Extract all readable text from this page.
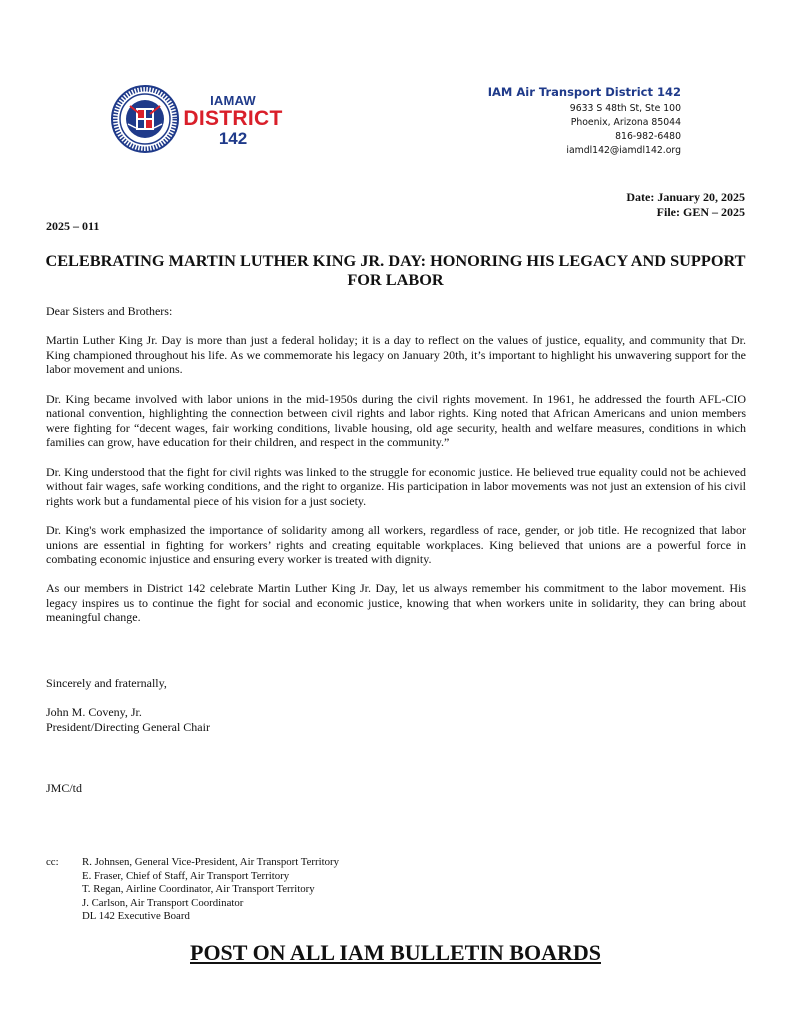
IAMAW
DISTRICT
142
IAM Air Transport District 142
9633 S 48th St, Ste 100
Phoenix, Arizona 85044
816-982-6480
iamdl142@iamdl142.org
Date: January 20, 2025
File: GEN – 2025
2025 – 011
CELEBRATING MARTIN LUTHER KING JR. DAY: HONORING HIS LEGACY AND SUPPORT FOR LABOR

Dear Sisters and Brothers:

Martin Luther King Jr. Day is more than just a federal holiday; it is a day to reflect on the values of justice, equality, and community that Dr. King championed throughout his life. As we commemorate his legacy on January 20th, it’s important to highlight his unwavering support for the labor movement and unions.

Dr. King became involved with labor unions in the mid-1950s during the civil rights movement. In 1961, he addressed the fourth AFL-CIO national convention, highlighting the connection between civil rights and labor rights. King noted that African Americans and union members were fighting for “decent wages, fair working conditions, livable housing, old age security, health and welfare measures, conditions in which families can grow, have education for their children, and respect in the community.”

Dr. King understood that the fight for civil rights was linked to the struggle for economic justice. He believed true equality could not be achieved without fair wages, safe working conditions, and the right to organize. His participation in labor movements was not just an extension of his civil rights work but a fundamental piece of his vision for a just society.

Dr. King's work emphasized the importance of solidarity among all workers, regardless of race, gender, or job title. He recognized that labor unions are essential in fighting for workers’ rights and creating equitable workplaces. King believed that unions are a powerful force in combating economic injustice and ensuring every worker is treated with dignity.

As our members in District 142 celebrate Martin Luther King Jr. Day, let us always remember his commitment to the labor movement. His legacy inspires us to continue the fight for social and economic justice, knowing that when workers unite in solidarity, they can bring about meaningful change.

Sincerely and fraternally,
John M. Coveny, Jr.
President/Directing General Chair
JMC/td
cc: R. Johnsen, General Vice-President, Air Transport Territory
E. Fraser, Chief of Staff, Air Transport Territory
T. Regan, Airline Coordinator, Air Transport Territory
J. Carlson, Air Transport Coordinator
DL 142 Executive Board
POST ON ALL IAM BULLETIN BOARDS
